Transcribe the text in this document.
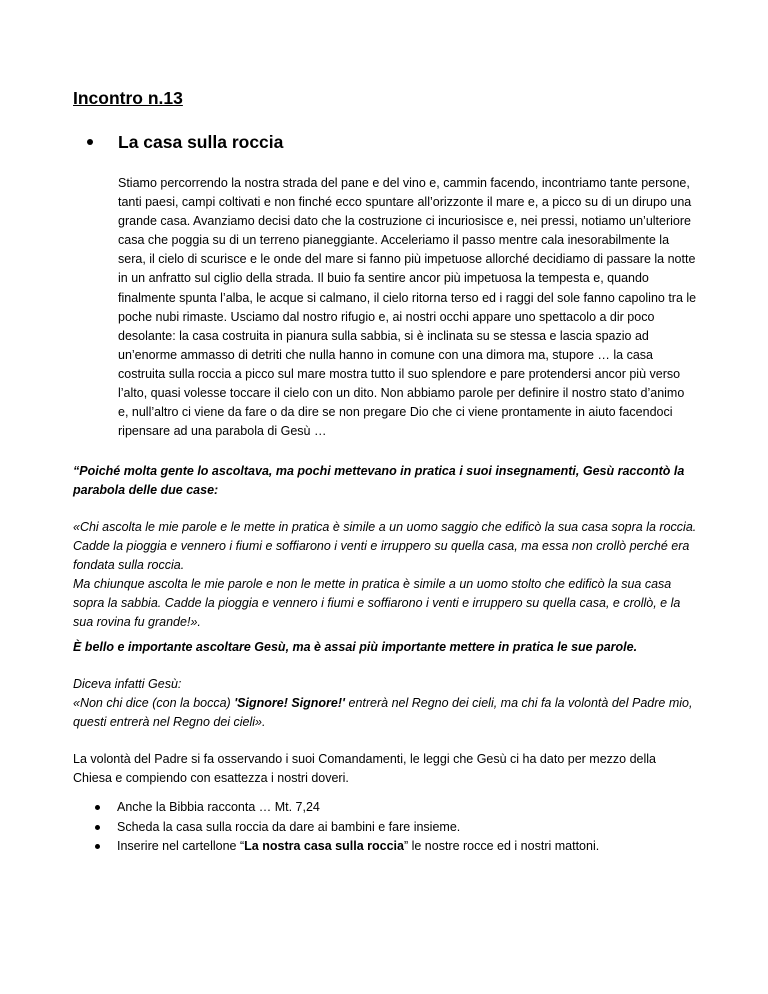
Incontro n.13
La casa sulla roccia

Stiamo percorrendo la nostra strada del pane e del vino e, cammin facendo, incontriamo tante persone, tanti paesi, campi coltivati e non finché ecco spuntare all’orizzonte il mare e, a picco su di un dirupo una grande casa. Avanziamo decisi dato che la costruzione ci incuriosisce e, nei pressi, notiamo un’ulteriore casa che poggia su di un terreno pianeggiante. Acceleriamo il passo mentre cala inesorabilmente la sera, il cielo di scurisce e le onde del mare si fanno più impetuose allorché decidiamo di passare la notte in un anfratto sul ciglio della strada. Il buio fa sentire ancor più impetuosa la tempesta e, quando finalmente spunta l’alba, le acque si calmano, il cielo ritorna terso ed i raggi del sole fanno capolino tra le poche nubi rimaste. Usciamo dal nostro rifugio e, ai nostri occhi appare uno spettacolo a dir poco desolante: la casa costruita in pianura sulla sabbia, si è inclinata su se stessa e lascia spazio ad un’enorme ammasso di detriti che nulla hanno in comune con una dimora ma, stupore … la casa costruita sulla roccia a picco sul mare mostra tutto il suo splendore e pare protendersi ancor più verso l’alto, quasi volesse toccare il cielo con un dito. Non abbiamo parole per definire il nostro stato d’animo e, null’altro ci viene da fare o da dire se non pregare Dio che ci viene prontamente in aiuto facendoci ripensare ad una parabola di Gesù …

“Poiché molta gente lo ascoltava, ma pochi mettevano in pratica i suoi insegnamenti, Gesù raccontò la parabola delle due case:

«Chi ascolta le mie parole e le mette in pratica è simile a un uomo saggio che edificò la sua casa sopra la roccia. Cadde la pioggia e vennero i fiumi e soffiarono i venti e irruppero su quella casa, ma essa non crollò perché era fondata sulla roccia.
Ma chiunque ascolta le mie parole e non le mette in pratica è simile a un uomo stolto che edificò la sua casa sopra la sabbia. Cadde la pioggia e vennero i fiumi e soffiarono i venti e irruppero su quella casa, e crollò, e la sua rovina fu grande!».

È bello e importante ascoltare Gesù, ma è assai più importante mettere in pratica le sue parole.

Diceva infatti Gesù:
«Non chi dice (con la bocca) 'Signore! Signore!' entrerà nel Regno dei cieli, ma chi fa la volontà del Padre mio, questi entrerà nel Regno dei cieli».

La volontà del Padre si fa osservando i suoi Comandamenti, le leggi che Gesù ci ha dato per mezzo della Chiesa e compiendo con esattezza i nostri doveri.

Anche la Bibbia racconta … Mt. 7,24
Scheda la casa sulla roccia da dare ai bambini e fare insieme.
Inserire nel cartellone “La nostra casa sulla roccia” le nostre rocce ed i nostri mattoni.
